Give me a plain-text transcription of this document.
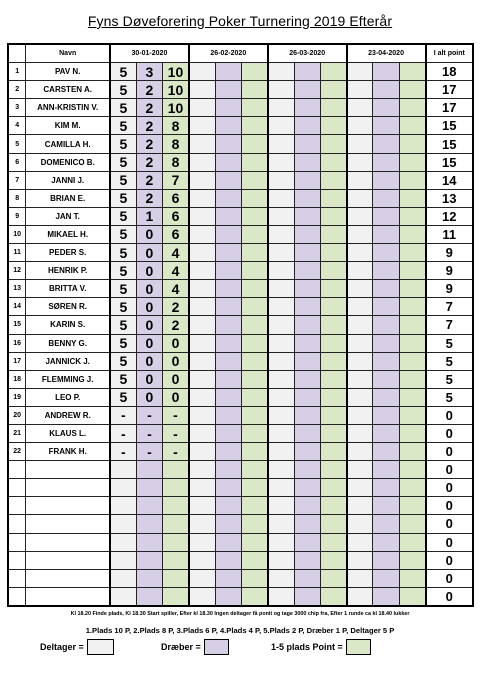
Fyns Døveforering Poker Turnering 2019 Efterår
	Navn	30-01-2020			26-02-2020			26-03-2020			23-04-2020			I alt point
1	PAV N.	5	3	10										18
2	CARSTEN A.	5	2	10										17
3	ANN-KRISTIN V.	5	2	10										17
4	KIM M.	5	2	8										15
5	CAMILLA H.	5	2	8										15
6	DOMENICO B.	5	2	8										15
7	JANNI J.	5	2	7										14
8	BRIAN E.	5	2	6										13
9	JAN T.	5	1	6										12
10	MIKAEL H.	5	0	6										11
11	PEDER S.	5	0	4										9
12	HENRIK P.	5	0	4										9
13	BRITTA V.	5	0	4										9
14	SØREN R.	5	0	2										7
15	KARIN S.	5	0	2										7
16	BENNY G.	5	0	0										5
17	JANNICK J.	5	0	0										5
18	FLEMMING J.	5	0	0										5
19	LEO P.	5	0	0										5
20	ANDREW R.	-	-	-										0
21	KLAUS L.	-	-	-										0
22	FRANK H.	-	-	-										0
														0
														0
														0
														0
														0
														0
														0
														0
Kl 18.20 Finde plads, Kl 18.30 Start spiller, Efter kl 18.30 Ingen deltager få ponit og tage 3000 chip fra, Efter 1 runde ca kl 18.40 lukker
1.Plads 10 P, 2.Plads 8 P, 3.Plads 6 P, 4.Plads 4 P, 5.Plads 2 P, Dræber 1 P, Deltager 5 P
Deltager =	Dræber =	1-5 plads Point =
